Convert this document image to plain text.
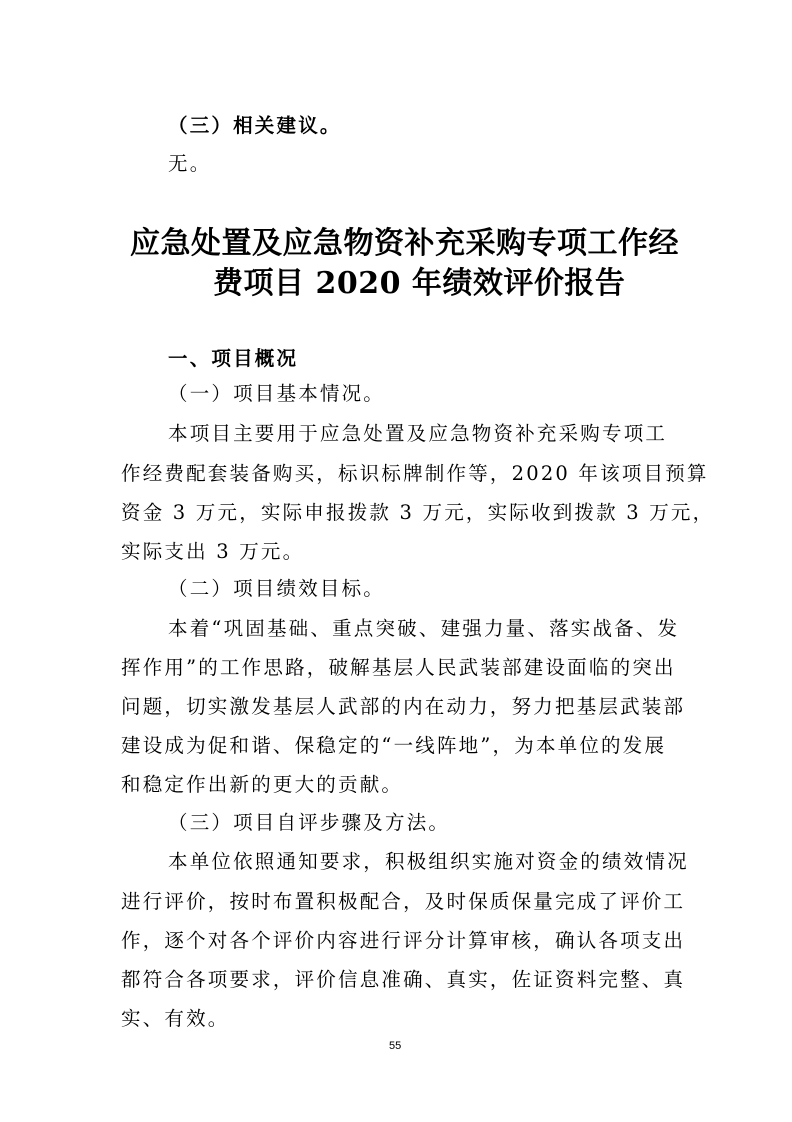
（三）相关建议。
无。
应急处置及应急物资补充采购专项工作经
费项目 2020 年绩效评价报告
一、项目概况
（一）项目基本情况。
本项目主要用于应急处置及应急物资补充采购专项工
作经费配套装备购买，标识标牌制作等，2020 年该项目预算
资金 3 万元，实际申报拨款 3 万元，实际收到拨款 3 万元，
实际支出 3 万元。
（二）项目绩效目标。
本着“巩固基础、重点突破、建强力量、落实战备、发
挥作用”的工作思路，破解基层人民武装部建设面临的突出
问题，切实激发基层人武部的内在动力，努力把基层武装部
建设成为促和谐、保稳定的“一线阵地”，为本单位的发展
和稳定作出新的更大的贡献。
（三）项目自评步骤及方法。
本单位依照通知要求，积极组织实施对资金的绩效情况
进行评价，按时布置积极配合，及时保质保量完成了评价工
作，逐个对各个评价内容进行评分计算审核，确认各项支出
都符合各项要求，评价信息准确、真实，佐证资料完整、真
实、有效。
55
